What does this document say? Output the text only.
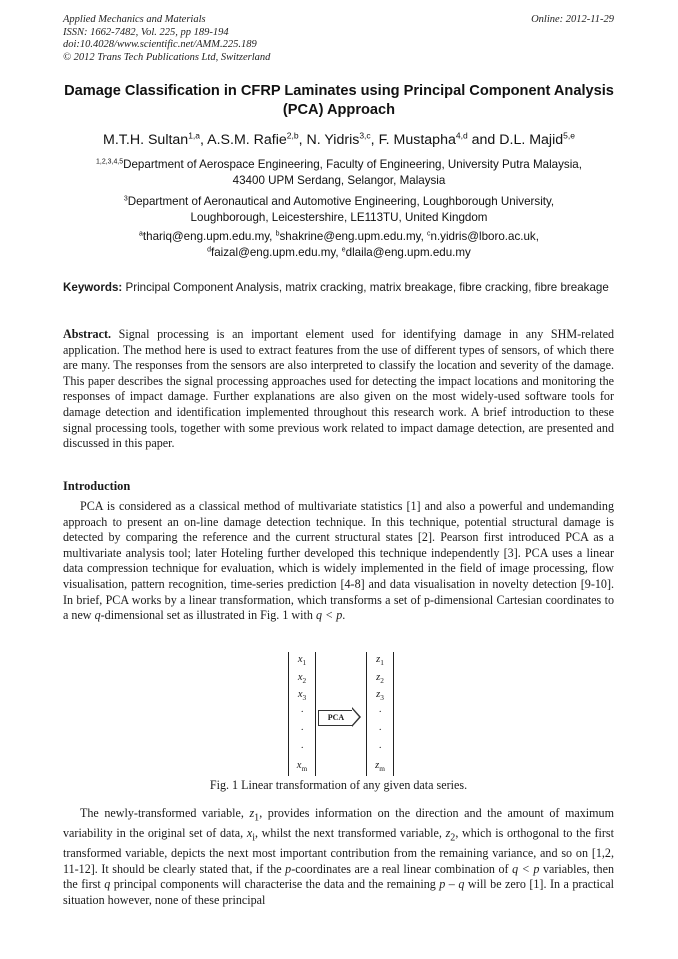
Applied Mechanics and Materials
ISSN: 1662-7482, Vol. 225, pp 189-194
doi:10.4028/www.scientific.net/AMM.225.189
© 2012 Trans Tech Publications Ltd, Switzerland
Online: 2012-11-29
Damage Classification in CFRP Laminates using Principal Component Analysis (PCA) Approach
M.T.H. Sultan$^{1,a}$, A.S.M. Rafie$^{2,b}$, N. Yidris$^{3,c}$, F. Mustapha$^{4,d}$ and D.L. Majid$^{5,e}$
$^{1,2,3,4,5}$Department of Aerospace Engineering, Faculty of Engineering, University Putra Malaysia,
43400 UPM Serdang, Selangor, Malaysia
$^3$Department of Aeronautical and Automotive Engineering, Loughborough University,
Loughborough, Leicestershire, LE113TU, United Kingdom
$^a$thariq@eng.upm.edu.my, $^b$shakrine@eng.upm.edu.my, $^c$n.yidris@lboro.ac.uk,
$^d$faizal@eng.upm.edu.my, $^e$dlaila@eng.upm.edu.my
Keywords: Principal Component Analysis, matrix cracking, matrix breakage, fibre cracking, fibre breakage
Abstract. Signal processing is an important element used for identifying damage in any SHM-related application. The method here is used to extract features from the use of different types of sensors, of which there are many. The responses from the sensors are also interpreted to classify the location and severity of the damage. This paper describes the signal processing approaches used for detecting the impact locations and monitoring the responses of impact damage. Further explanations are also given on the most widely-used software tools for damage detection and identification implemented throughout this research work. A brief introduction to these signal processing tools, together with some previous work related to impact damage detection, are presented and discussed in this paper.
Introduction
PCA is considered as a classical method of multivariate statistics [1] and also a powerful and undemanding approach to present an on-line damage detection technique. In this technique, potential structural damage is detected by comparing the reference and the current structural states [2]. Pearson first introduced PCA as a multivariate analysis tool; later Hoteling further developed this technique independently [3]. PCA uses a linear data compression technique for evaluation, which is widely implemented in the field of image processing, flow visualisation, pattern recognition, time-series prediction [4-8] and data visualisation in novelty detection [9-10]. In brief, PCA works by a linear transformation, which transforms a set of p-dimensional Cartesian coordinates to a new q-dimensional set as illustrated in Fig. 1 with q < p.
$x_1$
$x_2$
$x_3$
·
·
·
$x_m$
PCA
$z_1$
$z_2$
$z_3$
·
·
·
$z_m$
Fig. 1 Linear transformation of any given data series.
The newly-transformed variable, $z_1$, provides information on the direction and the amount of maximum variability in the original set of data, $x_i$, whilst the next transformed variable, $z_2$, which is orthogonal to the first transformed variable, depicts the next most important contribution from the remaining variance, and so on [1,2, 11-12]. It should be clearly stated that, if the p-coordinates are a real linear combination of q < p variables, then the first q principal components will characterise the data and the remaining p – q will be zero [1]. In a practical situation however, none of these principal
